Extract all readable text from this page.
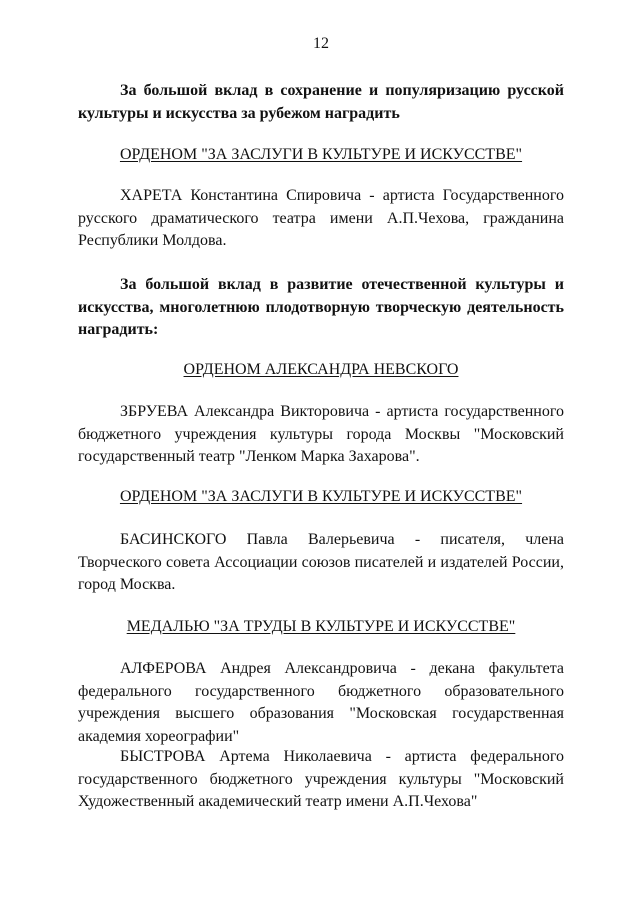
12

За большой вклад в сохранение и популяризацию русской культуры и искусства за рубежом наградить

ОРДЕНОМ "ЗА ЗАСЛУГИ В КУЛЬТУРЕ И ИСКУССТВЕ"

ХАРЕТА Константина Спировича - артиста Государственного русского драматического театра имени А.П.Чехова, гражданина Республики Молдова.

За большой вклад в развитие отечественной культуры и искусства, многолетнюю плодотворную творческую деятельность наградить:

ОРДЕНОМ АЛЕКСАНДРА НЕВСКОГО

ЗБРУЕВА Александра Викторовича - артиста государственного бюджетного учреждения культуры города Москвы "Московский государственный театр "Ленком Марка Захарова".

ОРДЕНОМ "ЗА ЗАСЛУГИ В КУЛЬТУРЕ И ИСКУССТВЕ"

БАСИНСКОГО Павла Валерьевича - писателя, члена Творческого совета Ассоциации союзов писателей и издателей России, город Москва.

МЕДАЛЬЮ "ЗА ТРУДЫ В КУЛЬТУРЕ И ИСКУССТВЕ"

АЛФЕРОВА Андрея Александровича - декана факультета федерального государственного бюджетного образовательного учреждения высшего образования "Московская государственная академия хореографии"

БЫСТРОВА Артема Николаевича - артиста федерального государственного бюджетного учреждения культуры "Московский Художественный академический театр имени А.П.Чехова"
